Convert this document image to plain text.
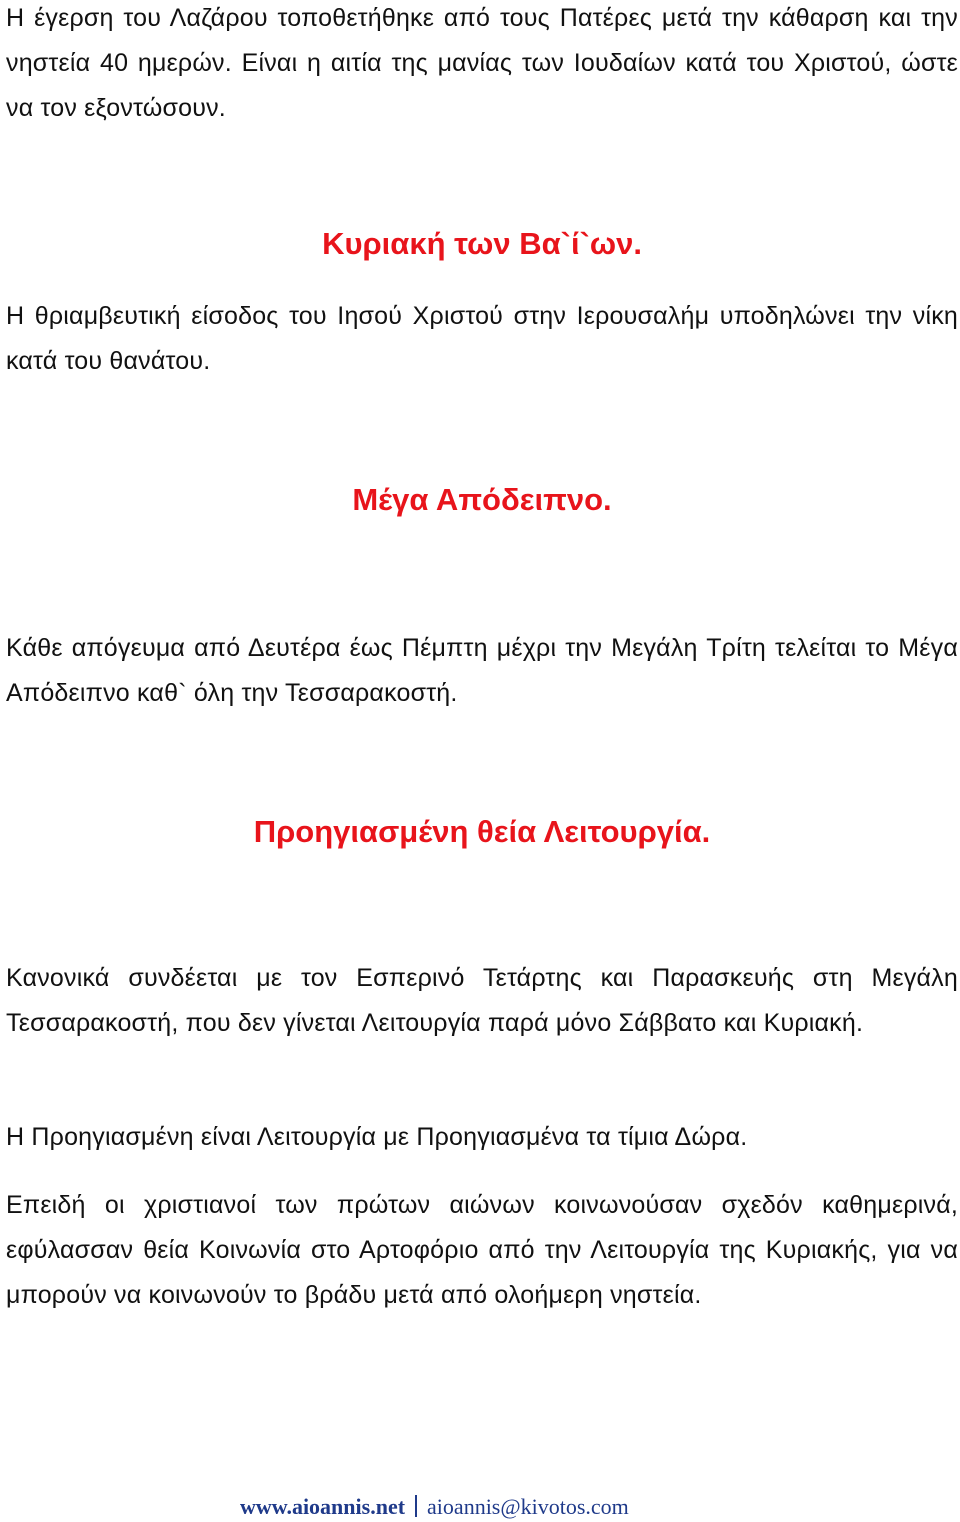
Η έγερση του Λαζάρου τοποθετήθηκε από τους Πατέρες μετά την κάθαρση και την νηστεία 40 ημερών. Είναι η αιτία της μανίας των Ιουδαίων κατά του Χριστού, ώστε να τον εξοντώσουν.

Κυριακή των Βα`ί`ων.

Η θριαμβευτική είσοδος του Ιησού Χριστού στην Ιερουσαλήμ υποδηλώνει την νίκη κατά του θανάτου.

Μέγα Απόδειπνο.

Κάθε απόγευμα από Δευτέρα έως Πέμπτη μέχρι την Μεγάλη Τρίτη τελείται το Μέγα Απόδειπνο καθ` όλη την Τεσσαρακοστή.

Προηγιασμένη θεία Λειτουργία.

Κανονικά συνδέεται με τον Εσπερινό Τετάρτης και Παρασκευής στη Μεγάλη Τεσσαρακοστή, που δεν γίνεται Λειτουργία παρά μόνο Σάββατο και Κυριακή.

Η Προηγιασμένη είναι Λειτουργία με Προηγιασμένα τα τίμια Δώρα.

Επειδή οι χριστιανοί των πρώτων αιώνων κοινωνούσαν σχεδόν καθημερινά, εφύλασσαν θεία Κοινωνία στο Αρτοφόριο από την Λειτουργία της Κυριακής, για να μπορούν να κοινωνούν το βράδυ μετά από ολοήμερη νηστεία.

www.aioannis.net aioannis@kivotos.com
